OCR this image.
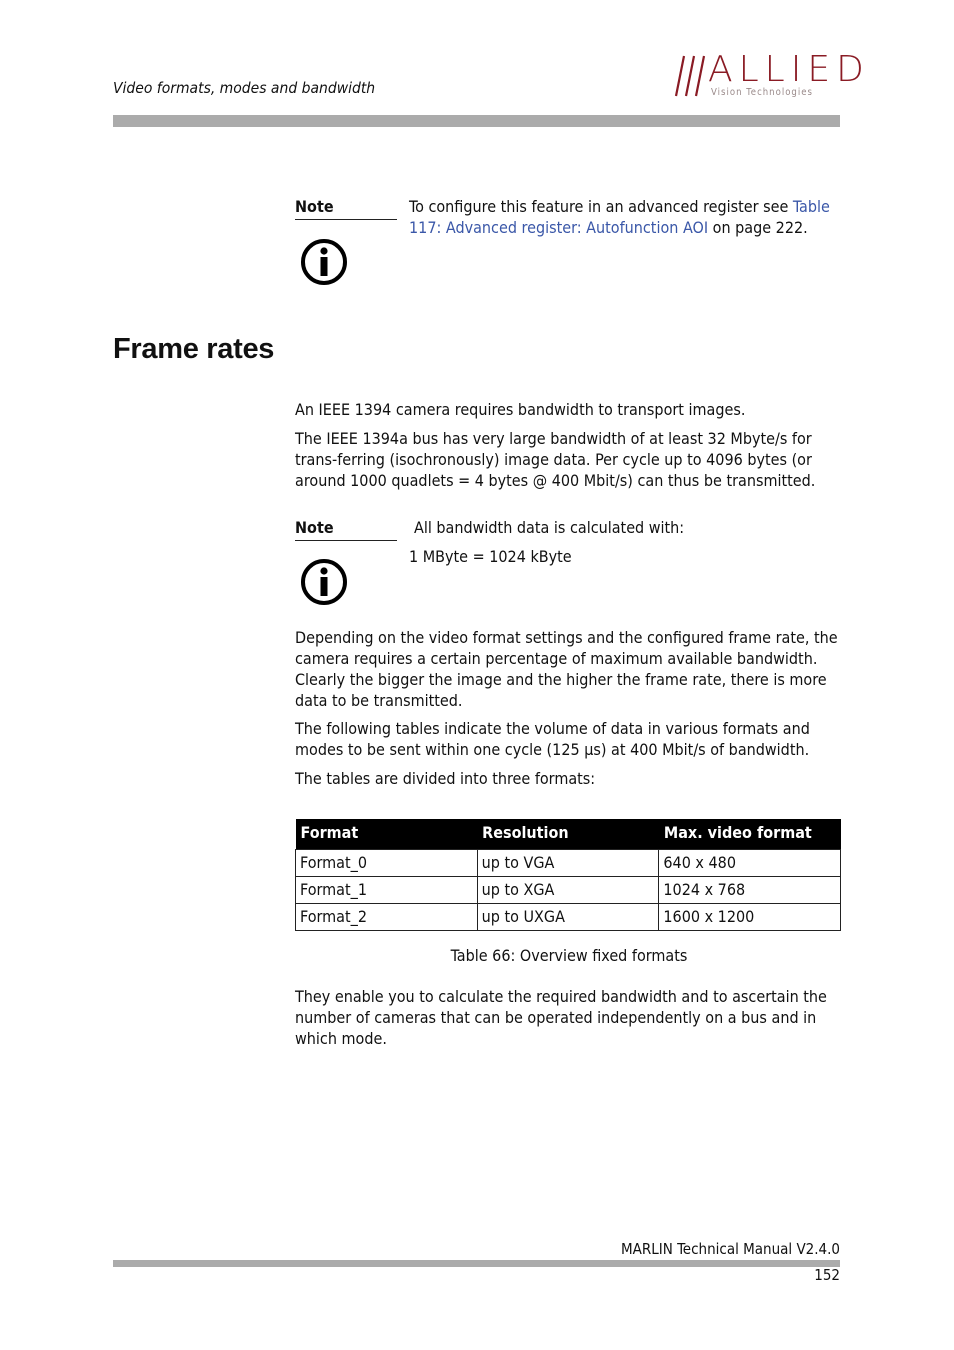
Video formats, modes and bandwidth	ALLIED
Vision Technologies
Note	To configure this feature in an advanced register see Table 117: Advanced register: Autofunction AOI on page 222.
Frame rates
An IEEE 1394 camera requires bandwidth to transport images.
The IEEE 1394a bus has very large bandwidth of at least 32 Mbyte/s for trans-ferring (isochronously) image data. Per cycle up to 4096 bytes (or around 1000 quadlets = 4 bytes @ 400 Mbit/s) can thus be transmitted.
Note	All bandwidth data is calculated with:
1 MByte = 1024 kByte
Depending on the video format settings and the configured frame rate, the camera requires a certain percentage of maximum available bandwidth. Clearly the bigger the image and the higher the frame rate, there is more data to be transmitted.
The following tables indicate the volume of data in various formats and modes to be sent within one cycle (125 µs) at 400 Mbit/s of bandwidth.
The tables are divided into three formats:
Format	Resolution	Max. video format
Format_0	up to VGA	640 x 480
Format_1	up to XGA	1024 x 768
Format_2	up to UXGA	1600 x 1200
Table 66: Overview fixed formats
They enable you to calculate the required bandwidth and to ascertain the number of cameras that can be operated independently on a bus and in which mode.
MARLIN Technical Manual V2.4.0
152
